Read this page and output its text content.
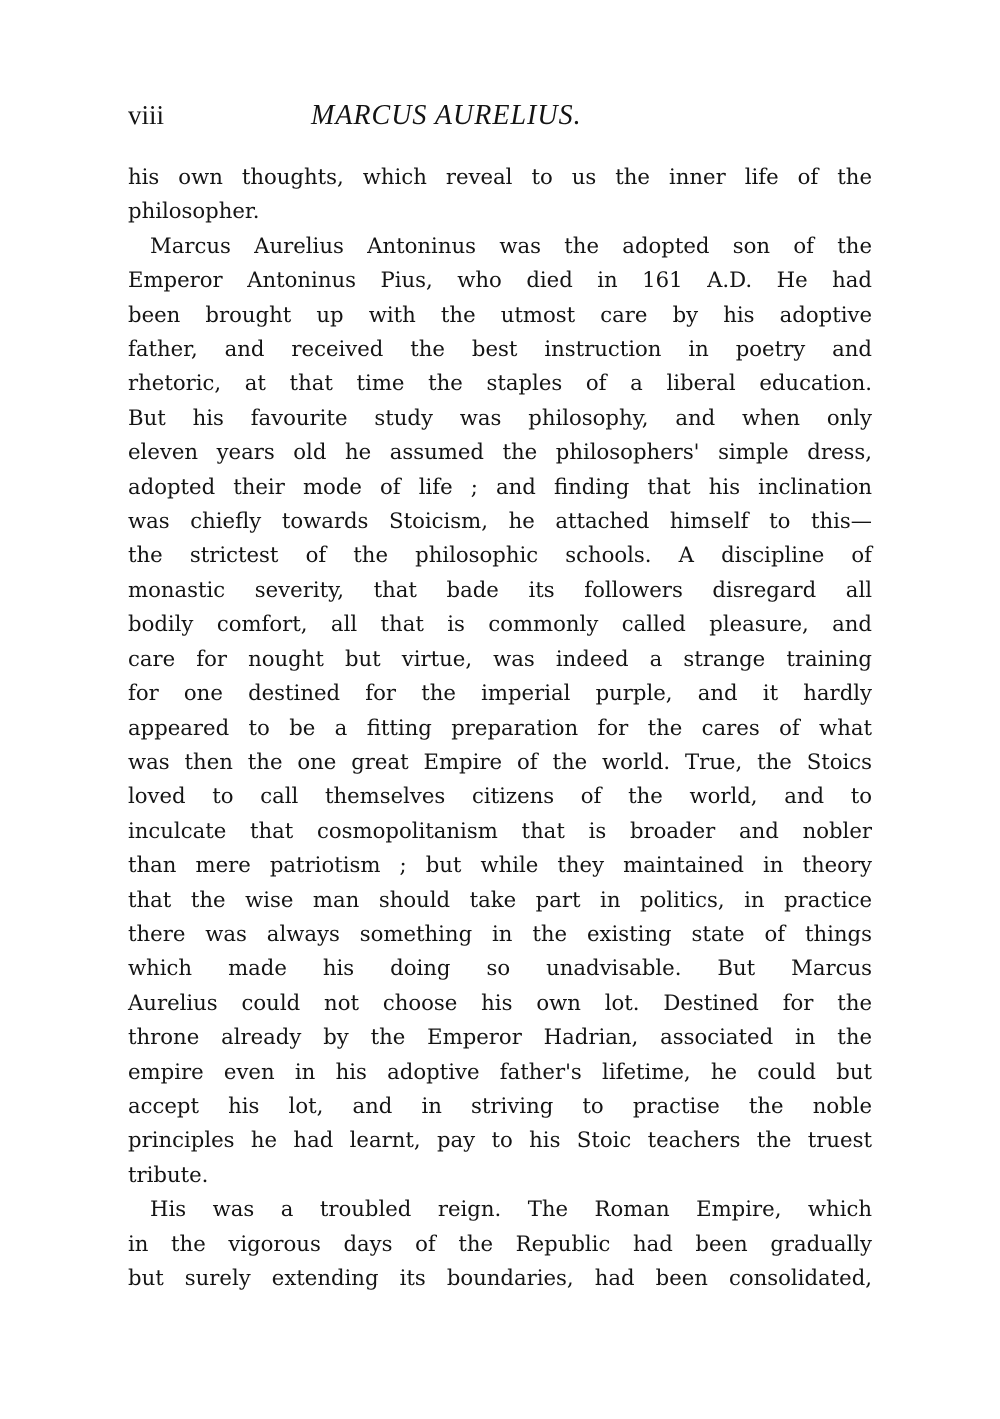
viii	MARCUS AURELIUS.
his own thoughts, which reveal to us the inner life of the
philosopher.
Marcus Aurelius Antoninus was the adopted son of the
Emperor Antoninus Pius, who died in 161 A.D. He had
been brought up with the utmost care by his adoptive
father, and received the best instruction in poetry and
rhetoric, at that time the staples of a liberal education.
But his favourite study was philosophy, and when only
eleven years old he assumed the philosophers' simple dress,
adopted their mode of life ; and finding that his inclination
was chiefly towards Stoicism, he attached himself to this—
the strictest of the philosophic schools. A discipline of
monastic severity, that bade its followers disregard all
bodily comfort, all that is commonly called pleasure, and
care for nought but virtue, was indeed a strange training
for one destined for the imperial purple, and it hardly
appeared to be a fitting preparation for the cares of what
was then the one great Empire of the world. True, the Stoics
loved to call themselves citizens of the world, and to
inculcate that cosmopolitanism that is broader and nobler
than mere patriotism ; but while they maintained in theory
that the wise man should take part in politics, in practice
there was always something in the existing state of things
which made his doing so unadvisable. But Marcus
Aurelius could not choose his own lot. Destined for the
throne already by the Emperor Hadrian, associated in the
empire even in his adoptive father's lifetime, he could but
accept his lot, and in striving to practise the noble
principles he had learnt, pay to his Stoic teachers the truest
tribute.
His was a troubled reign. The Roman Empire, which
in the vigorous days of the Republic had been gradually
but surely extending its boundaries, had been consolidated,
